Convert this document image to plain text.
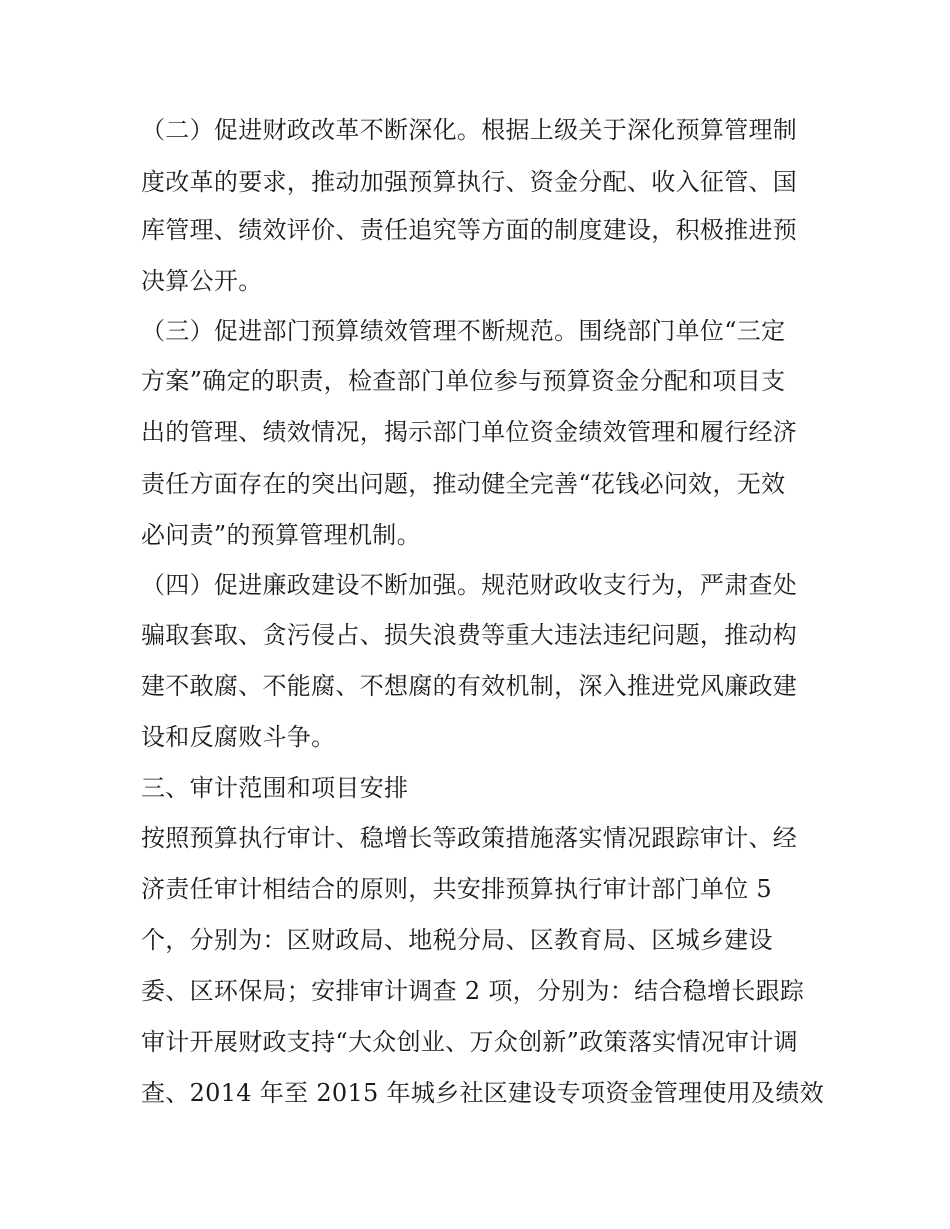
（二）促进财政改革不断深化。根据上级关于深化预算管理制
度改革的要求，推动加强预算执行、资金分配、收入征管、国
库管理、绩效评价、责任追究等方面的制度建设，积极推进预
决算公开。
（三）促进部门预算绩效管理不断规范。围绕部门单位“三定
方案”确定的职责，检查部门单位参与预算资金分配和项目支
出的管理、绩效情况，揭示部门单位资金绩效管理和履行经济
责任方面存在的突出问题，推动健全完善“花钱必问效，无效
必问责”的预算管理机制。
（四）促进廉政建设不断加强。规范财政收支行为，严肃查处
骗取套取、贪污侵占、损失浪费等重大违法违纪问题，推动构
建不敢腐、不能腐、不想腐的有效机制，深入推进党风廉政建
设和反腐败斗争。
三、审计范围和项目安排
按照预算执行审计、稳增长等政策措施落实情况跟踪审计、经
济责任审计相结合的原则，共安排预算执行审计部门单位 5
个，分别为：区财政局、地税分局、区教育局、区城乡建设
委、区环保局；安排审计调查 2 项，分别为：结合稳增长跟踪
审计开展财政支持“大众创业、万众创新”政策落实情况审计调
查、2014 年至 2015 年城乡社区建设专项资金管理使用及绩效
